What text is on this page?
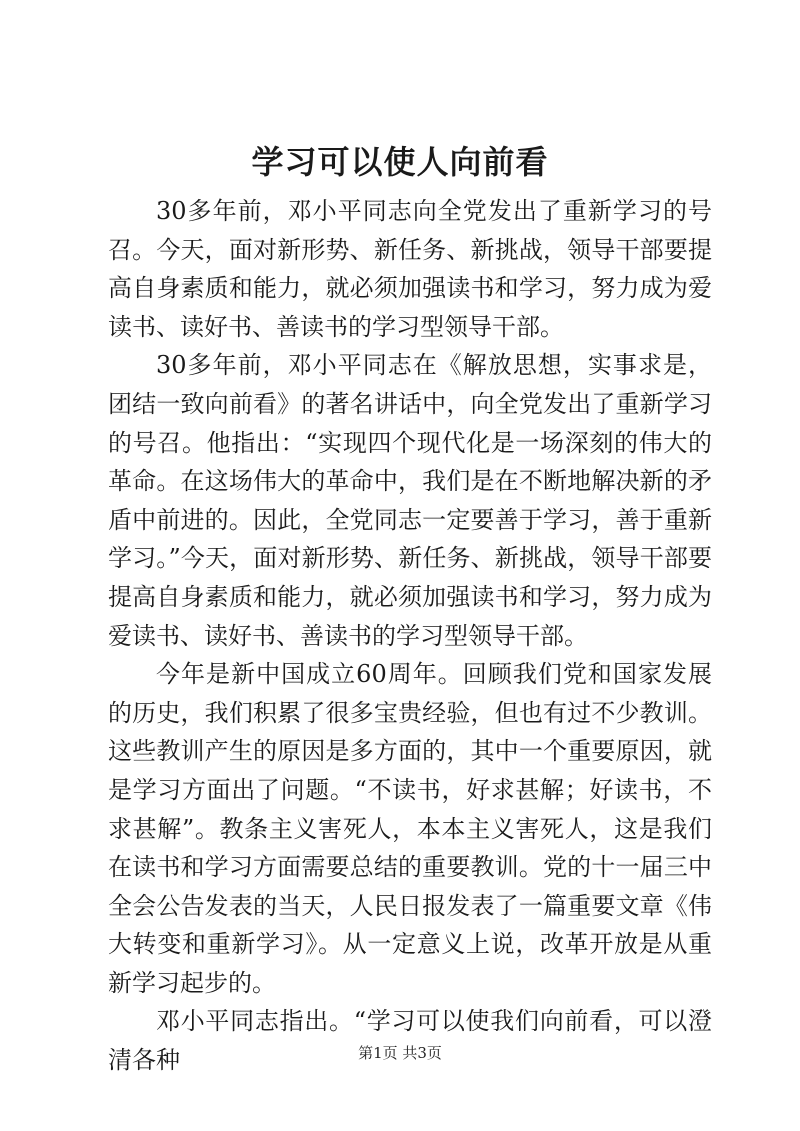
学习可以使人向前看

30多年前，邓小平同志向全党发出了重新学习的号召。今天，面对新形势、新任务、新挑战，领导干部要提高自身素质和能力，就必须加强读书和学习，努力成为爱读书、读好书、善读书的学习型领导干部。

30多年前，邓小平同志在《解放思想，实事求是，团结一致向前看》的著名讲话中，向全党发出了重新学习的号召。他指出：“实现四个现代化是一场深刻的伟大的革命。在这场伟大的革命中，我们是在不断地解决新的矛盾中前进的。因此，全党同志一定要善于学习，善于重新学习。”今天，面对新形势、新任务、新挑战，领导干部要提高自身素质和能力，就必须加强读书和学习，努力成为爱读书、读好书、善读书的学习型领导干部。

今年是新中国成立60周年。回顾我们党和国家发展的历史，我们积累了很多宝贵经验，但也有过不少教训。这些教训产生的原因是多方面的，其中一个重要原因，就是学习方面出了问题。“不读书，好求甚解；好读书，不求甚解”。教条主义害死人，本本主义害死人，这是我们在读书和学习方面需要总结的重要教训。党的十一届三中全会公告发表的当天，人民日报发表了一篇重要文章《伟大转变和重新学习》。从一定意义上说，改革开放是从重新学习起步的。

邓小平同志指出。“学习可以使我们向前看，可以澄清各种	第1页 共3页
